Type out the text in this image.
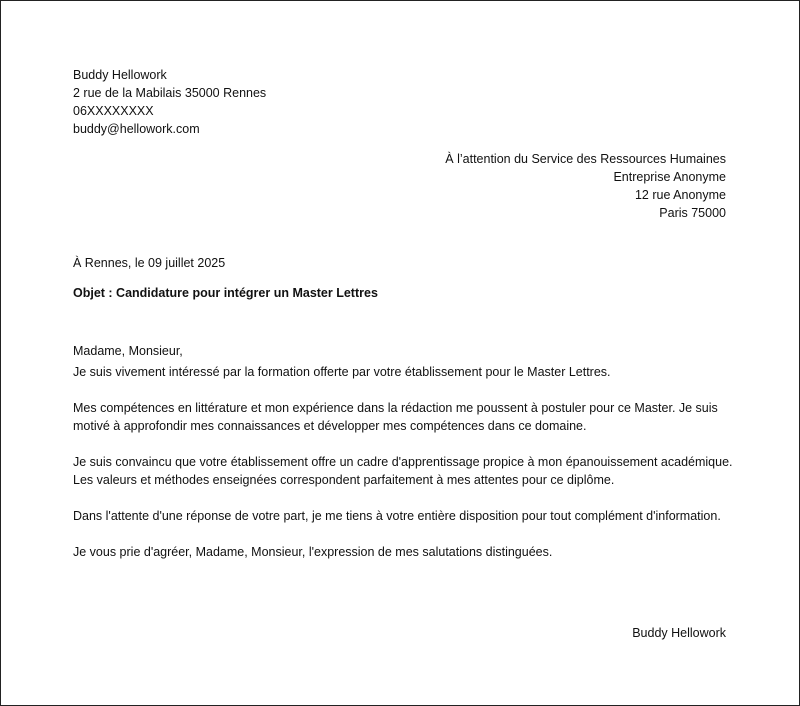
Buddy Hellowork
2 rue de la Mabilais 35000 Rennes
06XXXXXXXX
buddy@hellowork.com
À l’attention du Service des Ressources Humaines
Entreprise Anonyme
12 rue Anonyme
Paris 75000
À Rennes, le 09 juillet 2025
Objet : Candidature pour intégrer un Master Lettres

Madame, Monsieur,

Je suis vivement intéressé par la formation offerte par votre établissement pour le Master Lettres.

Mes compétences en littérature et mon expérience dans la rédaction me poussent à postuler pour ce Master. Je suis motivé à approfondir mes connaissances et développer mes compétences dans ce domaine.

Je suis convaincu que votre établissement offre un cadre d'apprentissage propice à mon épanouissement académique. Les valeurs et méthodes enseignées correspondent parfaitement à mes attentes pour ce diplôme.

Dans l'attente d'une réponse de votre part, je me tiens à votre entière disposition pour tout complément d'information.

Je vous prie d'agréer, Madame, Monsieur, l'expression de mes salutations distinguées.

Buddy Hellowork
